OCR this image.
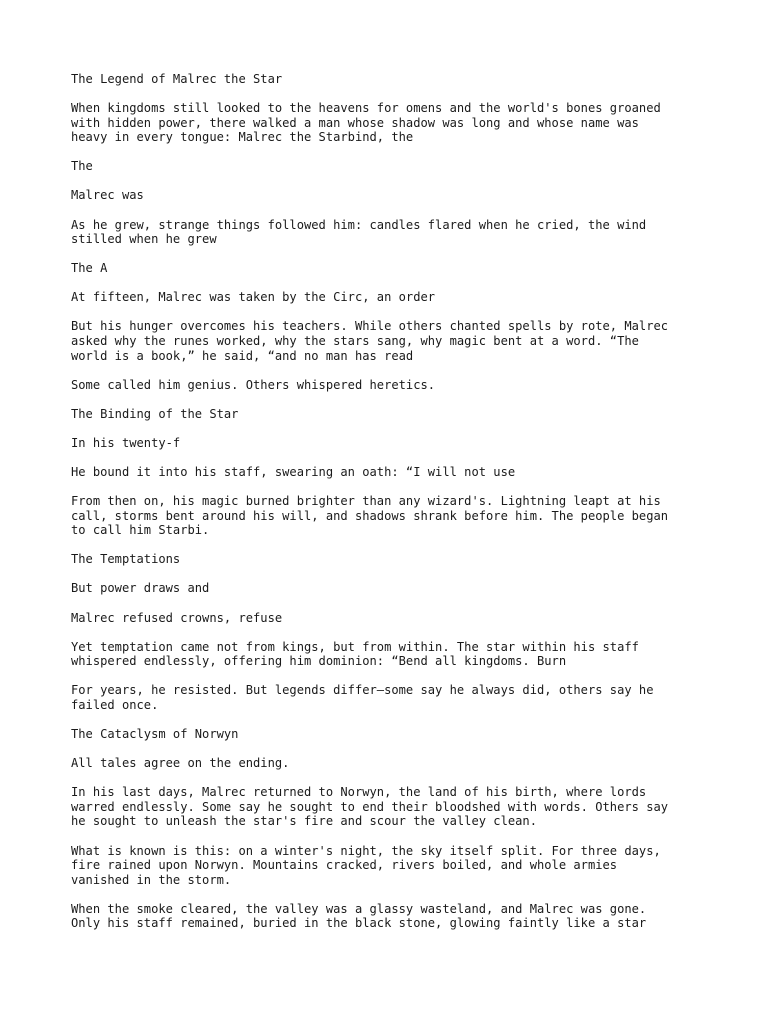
The Legend of Malrec the Star

When kingdoms still looked to the heavens for omens and the world's bones groaned
with hidden power, there walked a man whose shadow was long and whose name was
heavy in every tongue: Malrec the Starbind, the

The

Malrec was

As he grew, strange things followed him: candles flared when he cried, the wind
stilled when he grew

The A

At fifteen, Malrec was taken by the Circ, an order

But his hunger overcomes his teachers. While others chanted spells by rote, Malrec
asked why the runes worked, why the stars sang, why magic bent at a word. “The
world is a book,” he said, “and no man has read

Some called him genius. Others whispered heretics.

The Binding of the Star

In his twenty-f

He bound it into his staff, swearing an oath: “I will not use

From then on, his magic burned brighter than any wizard's. Lightning leapt at his
call, storms bent around his will, and shadows shrank before him. The people began
to call him Starbi.

The Temptations

But power draws and

Malrec refused crowns, refuse

Yet temptation came not from kings, but from within. The star within his staff
whispered endlessly, offering him dominion: “Bend all kingdoms. Burn

For years, he resisted. But legends differ—some say he always did, others say he
failed once.

The Cataclysm of Norwyn

All tales agree on the ending.

In his last days, Malrec returned to Norwyn, the land of his birth, where lords
warred endlessly. Some say he sought to end their bloodshed with words. Others say
he sought to unleash the star's fire and scour the valley clean.

What is known is this: on a winter's night, the sky itself split. For three days,
fire rained upon Norwyn. Mountains cracked, rivers boiled, and whole armies
vanished in the storm.

When the smoke cleared, the valley was a glassy wasteland, and Malrec was gone.
Only his staff remained, buried in the black stone, glowing faintly like a star
